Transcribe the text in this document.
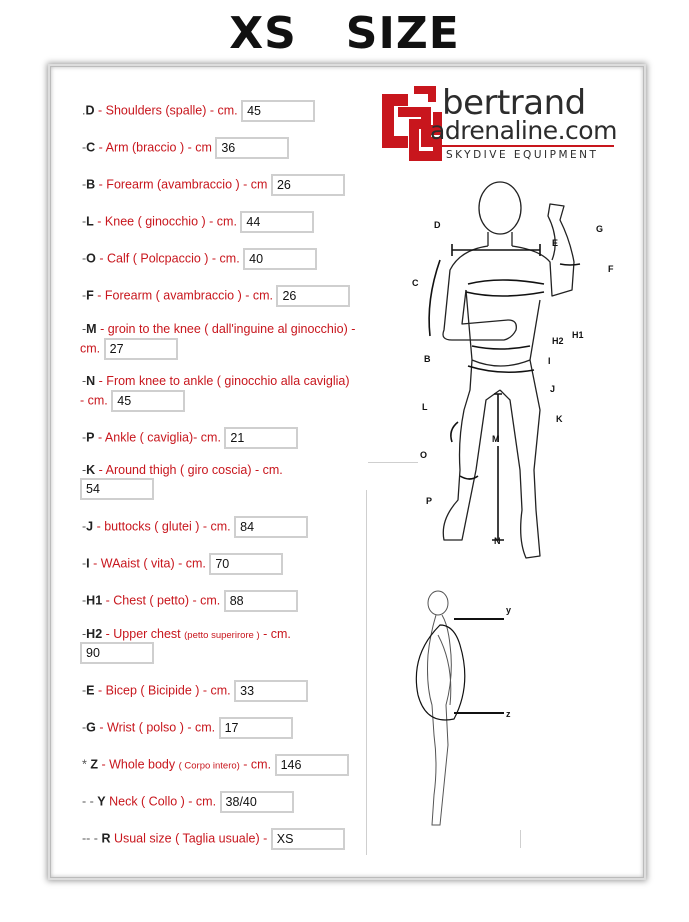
XS   SIZE
bertrand
adrenaline.com
SKYDIVE EQUIPMENT
.D - Shoulders (spalle) - cm. 45
-C - Arm (braccio ) - cm 36
-B - Forearm (avambraccio ) - cm 26
-L - Knee ( ginocchio ) - cm. 44
-O - Calf ( Polcpaccio ) - cm. 40
-F - Forearm ( avambraccio ) - cm. 26
-M - groin to the knee ( dall'inguine al ginocchio) -
cm. 27
-N - From knee to ankle ( ginocchio alla caviglia)
- cm. 45
-P - Ankle ( caviglia)- cm. 21
-K - Around thigh ( giro coscia) - cm.
54
-J - buttocks ( glutei ) - cm. 84
-I - WAaist ( vita) - cm. 70
-H1 - Chest ( petto) - cm. 88
-H2 - Upper chest (petto superirore ) - cm.
90
-E - Bicep ( Bicipide ) - cm. 33
-G - Wrist ( polso ) - cm. 17
* Z - Whole body ( Corpo intero) - cm. 146
- - Y Neck ( Collo ) - cm. 38/40
-- - R Usual size ( Taglia usuale) - XS
D
E
G
F
C
H1
H2
B	I
J
L
K
M
O
P
N
y
z
